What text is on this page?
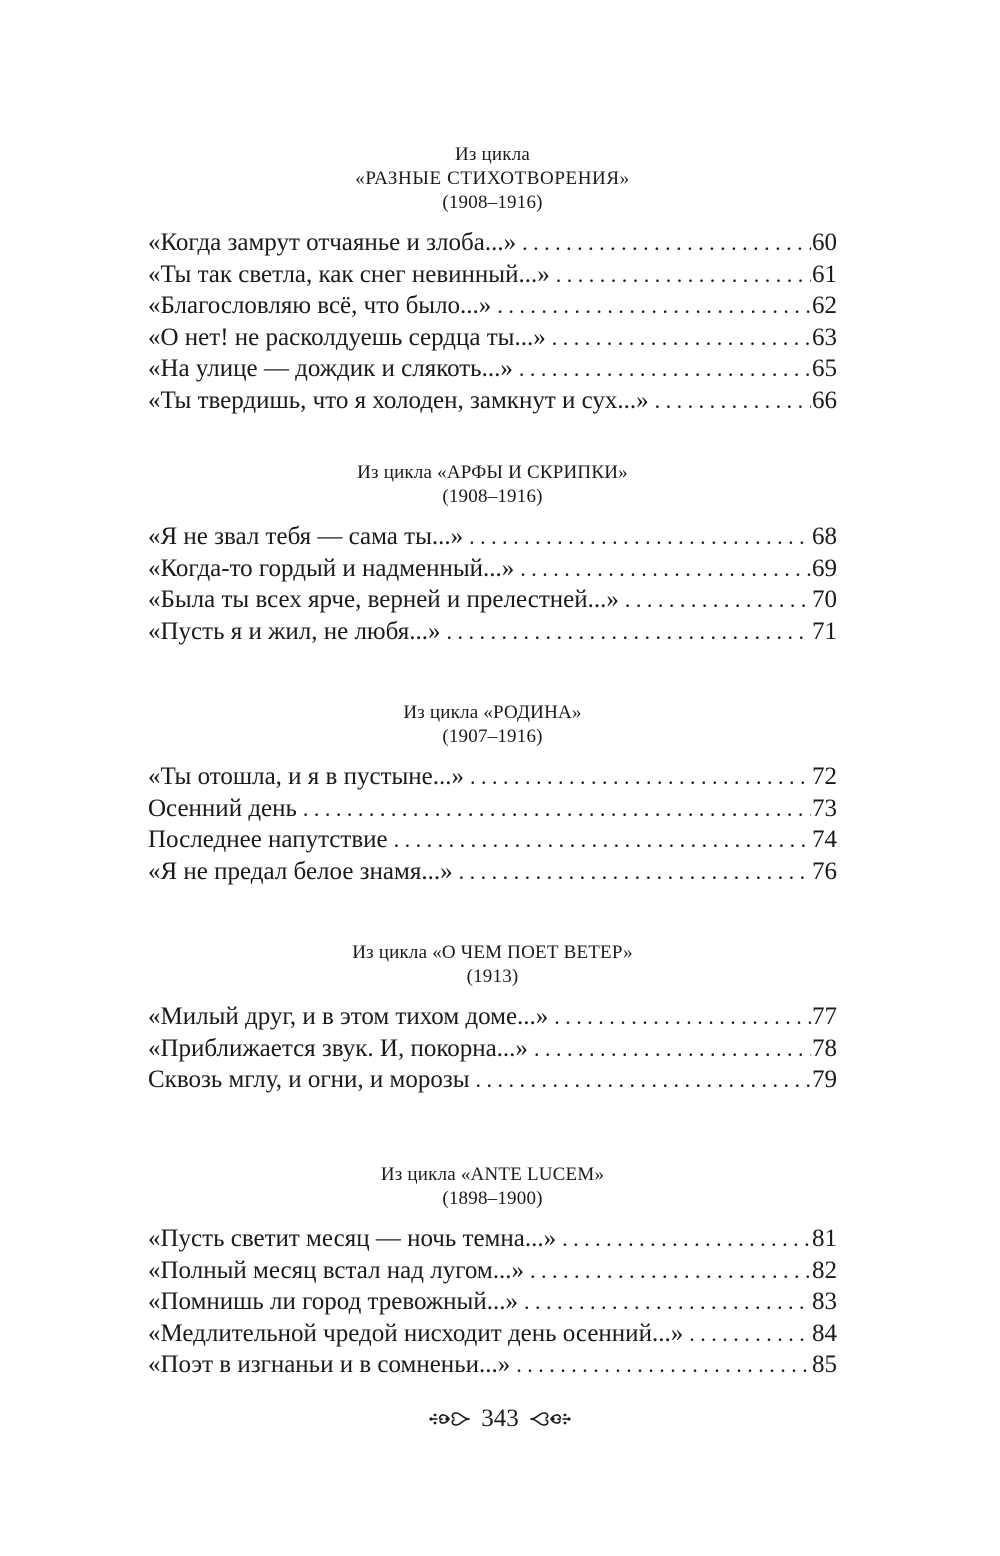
Из цикла
«РАЗНЫЕ СТИХОТВОРЕНИЯ»
(1908–1916)
«Когда замрут отчаянье и злоба...» . . .	60
«Ты так светла, как снег невинный...» . . .	61
«Благословляю всё, что было...» . . .	62
«О нет! не расколдуешь сердца ты...» . . .	63
«На улице — дождик и слякоть...» . . .	65
«Ты твердишь, что я холоден, замкнут и сух...» . . .	66
Из цикла «АРФЫ И СКРИПКИ»
(1908–1916)
«Я не звал тебя — сама ты...» . . .	68
«Когда-то гордый и надменный...» . . .	69
«Была ты всех ярче, верней и прелестней...» . . .	70
«Пусть я и жил, не любя...» . . .	71
Из цикла «РОДИНА»
(1907–1916)
«Ты отошла, и я в пустыне...» . . .	72
Осенний день . . .	73
Последнее напутствие . . .	74
«Я не предал белое знамя...» . . .	76
Из цикла «О ЧЕМ ПОЕТ ВЕТЕР»
(1913)
«Милый друг, и в этом тихом доме...» . . .	77
«Приближается звук. И, покорна...» . . .	78
Сквозь мглу, и огни, и морозы . . .	79
Из цикла «ANTE LUCEM»
(1898–1900)
«Пусть светит месяц — ночь темна...» . . .	81
«Полный месяц встал над лугом...» . . .	82
«Помнишь ли город тревожный...» . . .	83
«Медлительной чредой нисходит день осенний...» . . .	84
«Поэт в изгнаньи и в сомненьи...» . . .	85
343
